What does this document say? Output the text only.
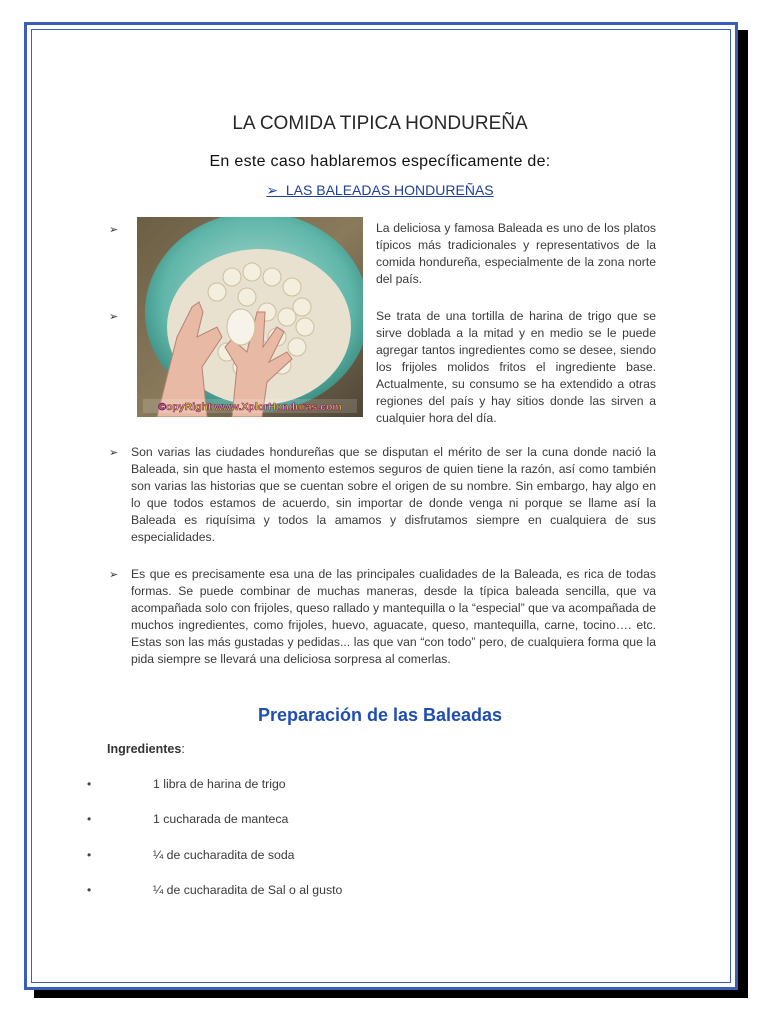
LA COMIDA TIPICA HONDUREÑA
En este caso hablaremos específicamente de:
➢ LAS BALEADAS HONDUREÑAS
➢
➢
©opyRight www.XplorHonduras.com
La deliciosa y famosa Baleada es uno de los platos típicos más tradicionales y representativos de la comida hondureña, especialmente de la zona norte del país.
Se trata de una tortilla de harina de trigo que se sirve doblada a la mitad y en medio se le puede agregar tantos ingredientes como se desee, siendo los frijoles molidos fritos el ingrediente base. Actualmente, su consumo se ha extendido a otras regiones del país y hay sitios donde las sirven a cualquier hora del día.
➢ Son varias las ciudades hondureñas que se disputan el mérito de ser la cuna donde nació la Baleada, sin que hasta el momento estemos seguros de quien tiene la razón, así como también son varias las historias que se cuentan sobre el origen de su nombre. Sin embargo, hay algo en lo que todos estamos de acuerdo, sin importar de donde venga ni porque se llame así la Baleada es riquísima y todos la amamos y disfrutamos siempre en cualquiera de sus especialidades.
➢ Es que es precisamente esa una de las principales cualidades de la Baleada, es rica de todas formas. Se puede combinar de muchas maneras, desde la típica baleada sencilla, que va acompañada solo con frijoles, queso rallado y mantequilla o la “especial” que va acompañada de muchos ingredientes, como frijoles, huevo, aguacate, queso, mantequilla, carne, tocino…. etc. Estas son las más gustadas y pedidas... las que van “con todo” pero, de cualquiera forma que la pida siempre se llevará una deliciosa sorpresa al comerlas.
Preparación de las Baleadas
Ingredientes:
•	1 libra de harina de trigo
•	1 cucharada de manteca
•	¼ de cucharadita de soda
•	¼ de cucharadita de Sal o al gusto
